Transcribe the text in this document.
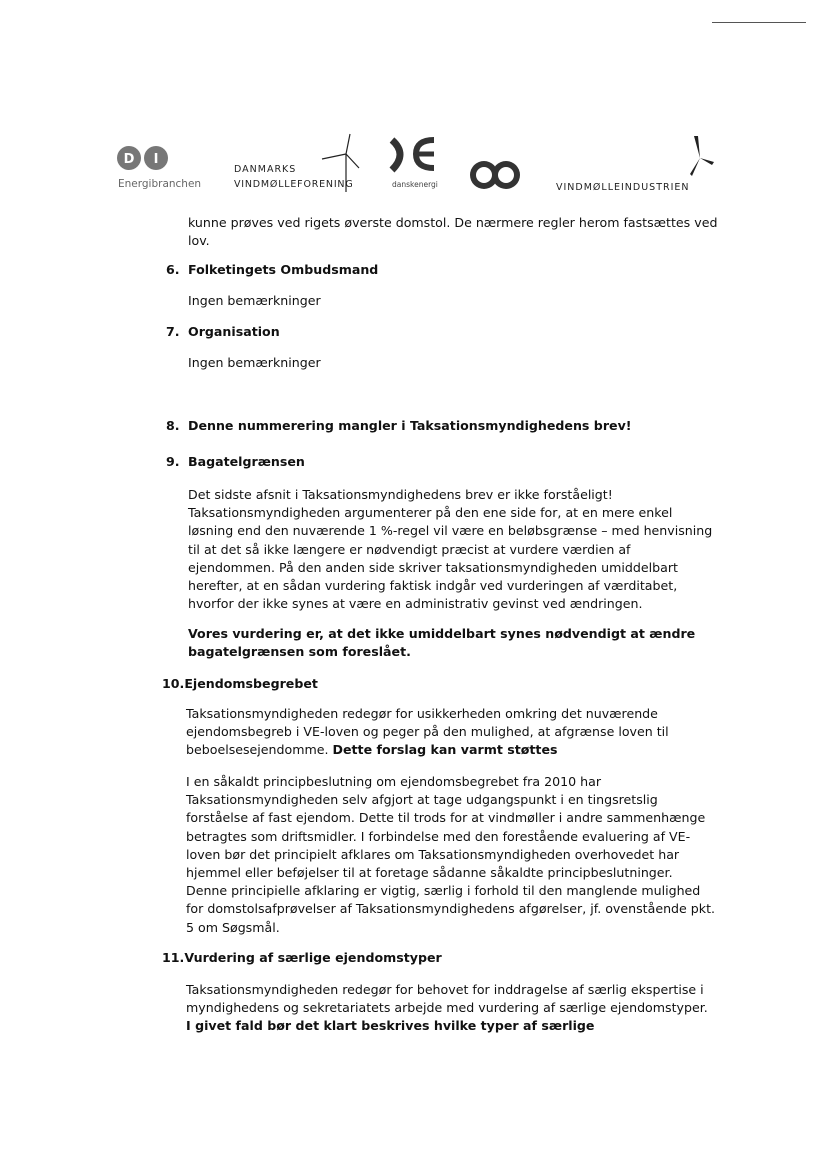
D I
Energibranchen
DANMARKS
VINDMØLLEFORENING	danskenergi	VINDMØLLEINDUSTRIEN

kunne prøves ved rigets øverste domstol. De nærmere regler herom fastsættes ved lov.

6. Folketingets Ombudsmand

Ingen bemærkninger

7. Organisation

Ingen bemærkninger

8. Denne nummerering mangler i Taksationsmyndighedens brev!
9. Bagatelgrænsen

Det sidste afsnit i Taksationsmyndighedens brev er ikke forståeligt! Taksationsmyndigheden argumenterer på den ene side for, at en mere enkel løsning end den nuværende 1 %-regel vil være en beløbsgrænse – med henvisning til at det så ikke længere er nødvendigt præcist at vurdere værdien af ejendommen. På den anden side skriver taksationsmyndigheden umiddelbart herefter, at en sådan vurdering faktisk indgår ved vurderingen af værditabet, hvorfor der ikke synes at være en administrativ gevinst ved ændringen.

Vores vurdering er, at det ikke umiddelbart synes nødvendigt at ændre bagatelgrænsen som foreslået.

10.Ejendomsbegrebet

Taksationsmyndigheden redegør for usikkerheden omkring det nuværende ejendomsbegreb i VE-loven og peger på den mulighed, at afgrænse loven til beboelsesejendomme. Dette forslag kan varmt støttes

I en såkaldt principbeslutning om ejendomsbegrebet fra 2010 har Taksationsmyndigheden selv afgjort at tage udgangspunkt i en tingsretslig forståelse af fast ejendom. Dette til trods for at vindmøller i andre sammenhænge betragtes som driftsmidler. I forbindelse med den forestående evaluering af VE-loven bør det principielt afklares om Taksationsmyndigheden overhovedet har hjemmel eller beføjelser til at foretage sådanne såkaldte principbeslutninger. Denne principielle afklaring er vigtig, særlig i forhold til den manglende mulighed for domstolsafprøvelser af Taksationsmyndighedens afgørelser, jf. ovenstående pkt. 5 om Søgsmål.

11.Vurdering af særlige ejendomstyper

Taksationsmyndigheden redegør for behovet for inddragelse af særlig ekspertise i myndighedens og sekretariatets arbejde med vurdering af særlige ejendomstyper. I givet fald bør det klart beskrives hvilke typer af særlige
